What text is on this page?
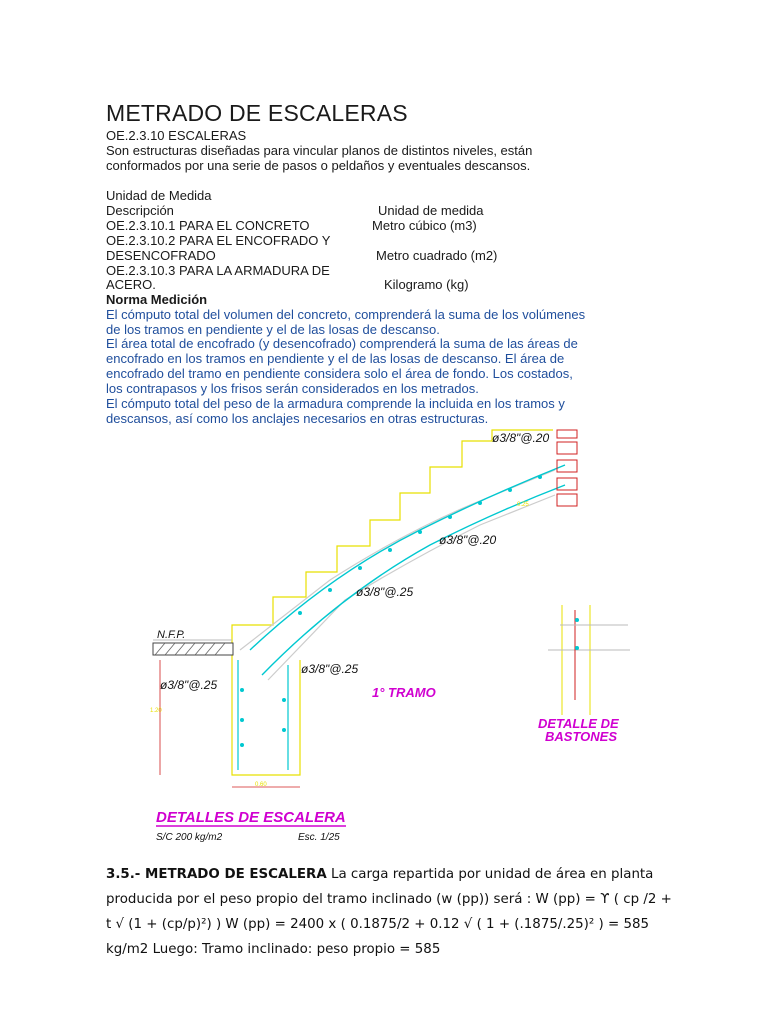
METRADO DE ESCALERAS
OE.2.3.10 ESCALERAS
Son estructuras diseñadas para vincular planos de distintos niveles, están
conformados por una serie de pasos o peldaños y eventuales descansos.
Unidad de Medida
Descripción	Unidad de medida
OE.2.3.10.1 PARA EL CONCRETO	Metro cúbico (m3)
OE.2.3.10.2 PARA EL ENCOFRADO Y
DESENCOFRADO	Metro cuadrado (m2)
OE.2.3.10.3 PARA LA ARMADURA DE
ACERO.	Kilogramo (kg)
Norma Medición
El cómputo total del volumen del concreto, comprenderá la suma de los volúmenes
de los tramos en pendiente y el de las losas de descanso.
El área total de encofrado (y desencofrado) comprenderá la suma de las áreas de
encofrado en los tramos en pendiente y el de las losas de descanso. El área de
encofrado del tramo en pendiente considera solo el área de fondo. Los costados,
los contrapasos y los frisos serán considerados en los metrados.
El cómputo total del peso de la armadura comprende la incluida en los tramos y
descansos, así como los anclajes necesarios en otras estructuras.
0.25
0.60
1.20
ø3/8"@.20
ø3/8"@.20
ø3/8"@.25
ø3/8"@.25
ø3/8"@.25
N.F.P.
1° TRAMO
DETALLE DE
BASTONES
DETALLES DE ESCALERA
S/C 200 kg/m2	Esc. 1/25
3.5.- METRADO DE ESCALERA La carga repartida por unidad de área en planta producida por el peso propio del tramo inclinado (w (pp)) será : W (pp) = ϒ ( cp /2 + t √ (1 + (cp/p)²) ) W (pp) = 2400 x ( 0.1875/2 + 0.12 √ ( 1 + (.1875/.25)² ) = 585 kg/m2 Luego: Tramo inclinado: peso propio = 585
